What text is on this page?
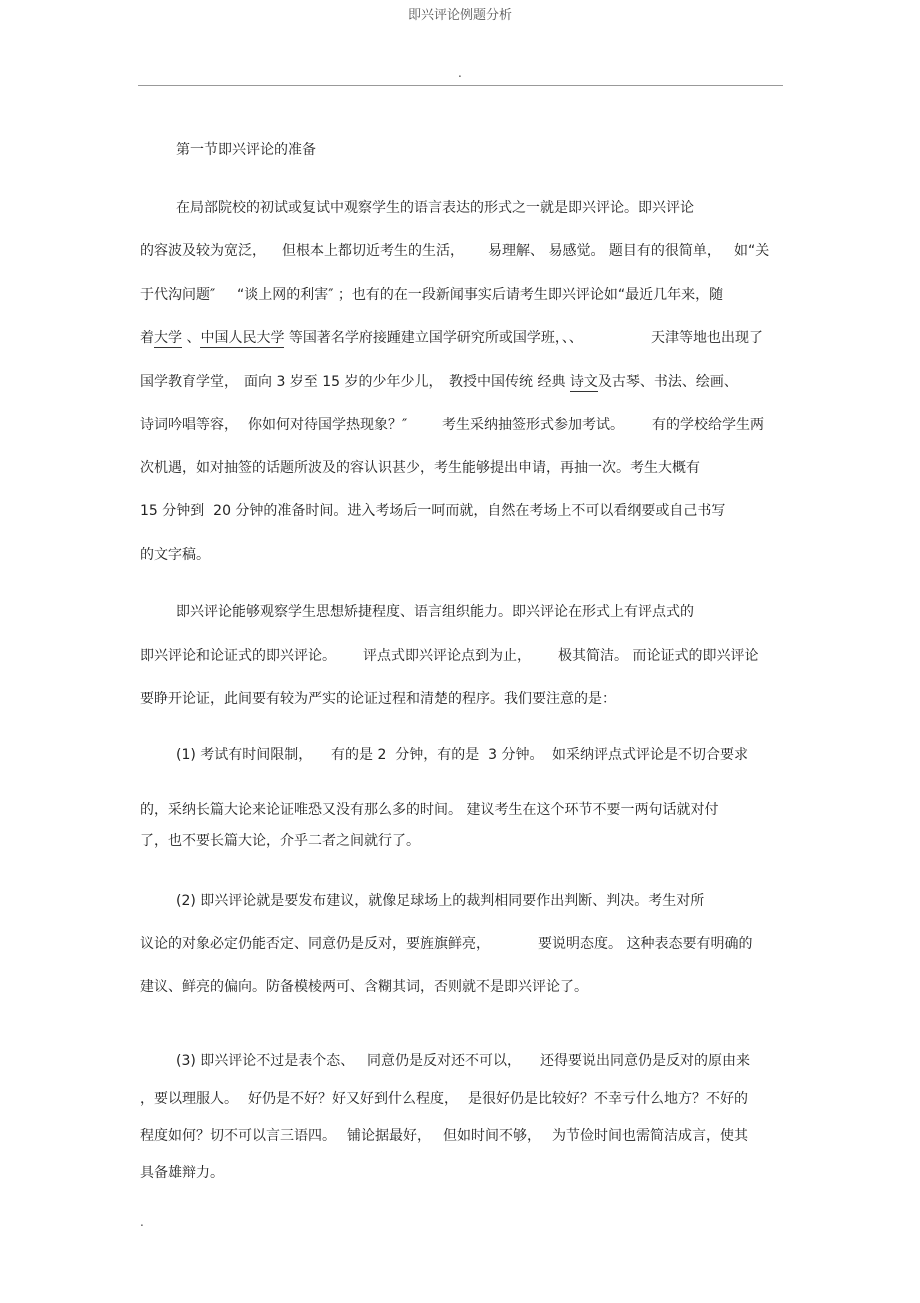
即兴评论例题分析
.
第一节即兴评论的准备
在局部院校的初试或复试中观察学生的语言表达的形式之一就是即兴评论。即兴评论
的容波及较为宽泛， 但根本上都切近考生的生活， 易理解、 易感觉。 题目有的很简单， 如“关
于代沟问题″ “谈上网的利害″ ；也有的在一段新闻事实后请考生即兴评论如“最近几年来，随
着大学 、中国人民大学 等国著名学府接踵建立国学研究所或国学班，、、	天津等地也出现了
国学教育学堂， 面向 3 岁至 15 岁的少年少儿， 教授中国传统 经典 诗文及古琴、书法、绘画、
诗词吟唱等容， 你如何对待国学热现象？″ 考生采纳抽签形式参加考试。 有的学校给学生两
次机遇，如对抽签的话题所波及的容认识甚少，考生能够提出申请，再抽一次。考生大概有
15 分钟到  20 分钟的准备时间。进入考场后一呵而就，自然在考场上不可以看纲要或自己书写
的文字稿。
即兴评论能够观察学生思想矫捷程度、语言组织能力。即兴评论在形式上有评点式的
即兴评论和论证式的即兴评论。 评点式即兴评论点到为止， 极其简洁。 而论证式的即兴评论
要睁开论证，此间要有较为严实的论证过程和清楚的程序。我们要注意的是：
(1) 考试有时间限制， 有的是 2  分钟，有的是  3 分钟。 如采纳评点式评论是不切合要求
的，采纳长篇大论来论证唯恐又没有那么多的时间。 建议考生在这个环节不要一两句话就对付
了，也不要长篇大论，介乎二者之间就行了。
(2) 即兴评论就是要发布建议，就像足球场上的裁判相同要作出判断、判决。考生对所
议论的对象必定仍能否定、同意仍是反对，要旌旗鲜亮，	要说明态度。 这种表态要有明确的
建议、鲜亮的偏向。防备模棱两可、含糊其词，否则就不是即兴评论了。
(3) 即兴评论不过是表个态、 同意仍是反对还不可以， 还得要说出同意仍是反对的原由来
，要以理服人。 好仍是不好？好又好到什么程度， 是很好仍是比较好？不幸亏什么地方？不好的
程度如何？切不可以言三语四。 铺论据最好， 但如时间不够， 为节俭时间也需简洁成言，使其
具备雄辩力。
.
